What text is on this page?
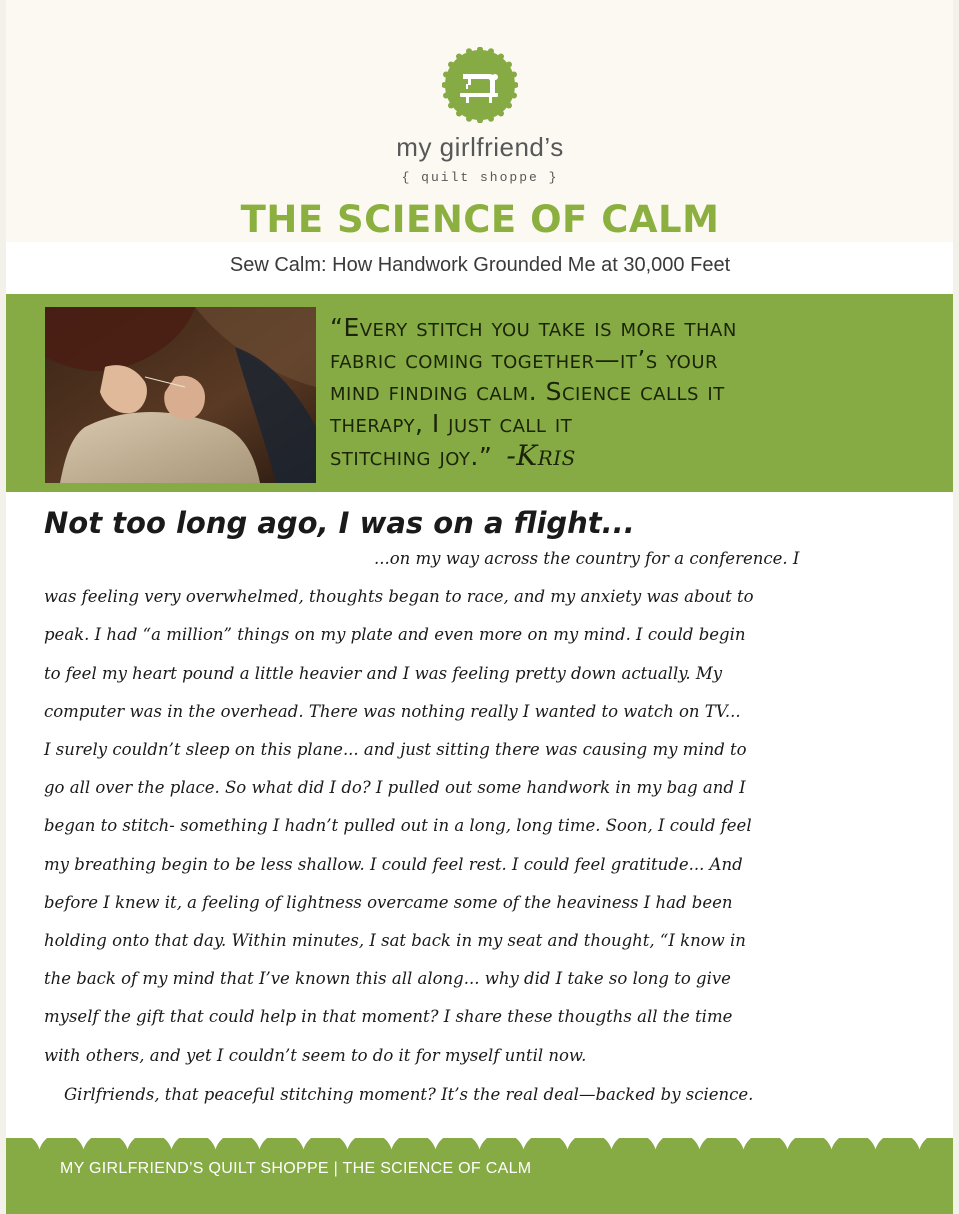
my girlfriend’s
{ quilt shoppe }
THE SCIENCE OF CALM
Sew Calm: How Handwork Grounded Me at 30,000 Feet
“Every stitch you take is more than
fabric coming together—it’s your
mind finding calm. Science calls it
therapy, I just call it
stitching joy.” -Kris
Not too long ago, I was on a flight...
...on my way across the country for a conference. I
was feeling very overwhelmed, thoughts began to race, and my anxiety was about to
peak. I had “a million” things on my plate and even more on my mind. I could begin
to feel my heart pound a little heavier and I was feeling pretty down actually. My
computer was in the overhead. There was nothing really I wanted to watch on TV...
I surely couldn’t sleep on this plane... and just sitting there was causing my mind to
go all over the place. So what did I do? I pulled out some handwork in my bag and I
began to stitch- something I hadn’t pulled out in a long, long time. Soon, I could feel
my breathing begin to be less shallow. I could feel rest. I could feel gratitude... And
before I knew it, a feeling of lightness overcame some of the heaviness I had been
holding onto that day. Within minutes, I sat back in my seat and thought, “I know in
the back of my mind that I’ve known this all along... why did I take so long to give
myself the gift that could help in that moment? I share these thougths all the time
with others, and yet I couldn’t seem to do it for myself until now.
Girlfriends, that peaceful stitching moment? It’s the real deal—backed by science.
MY GIRLFRIEND’S QUILT SHOPPE | THE SCIENCE OF CALM
